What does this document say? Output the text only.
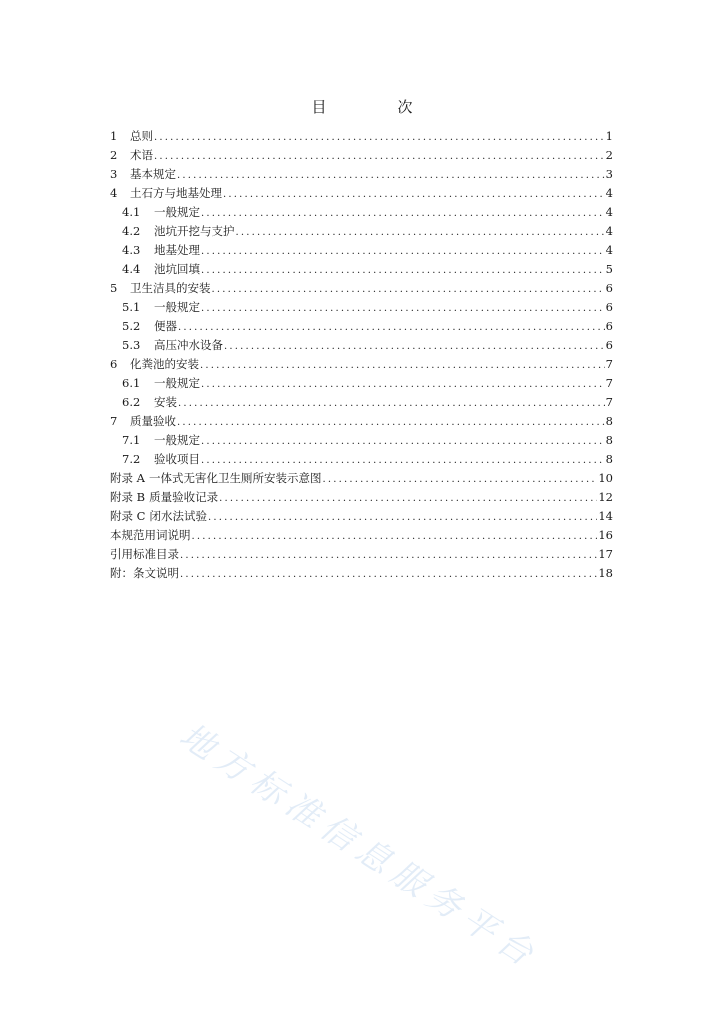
目　次
1	总则 .....	1
2	术语 .....	2
3	基本规定 .....	3
4	土石方与地基处理 .....	4
4.1	一般规定 .....	4
4.2	池坑开挖与支护 .....	4
4.3	地基处理 .....	4
4.4	池坑回填 .....	5
5	卫生洁具的安装 .....	6
5.1	一般规定 .....	6
5.2	便器 .....	6
5.3	高压冲水设备 .....	6
6	化粪池的安装 .....	7
6.1	一般规定 .....	7
6.2	安装 .....	7
7	质量验收 .....	8
7.1	一般规定 .....	8
7.2	验收项目 .....	8
附录 A 一体式无害化卫生厕所安装示意图 .....	10
附录 B 质量验收记录 .....	12
附录 C 闭水法试验 .....	14
本规范用词说明 .....	16
引用标准目录 .....	17
附：条文说明 .....	18
地方标准信息服务平台
